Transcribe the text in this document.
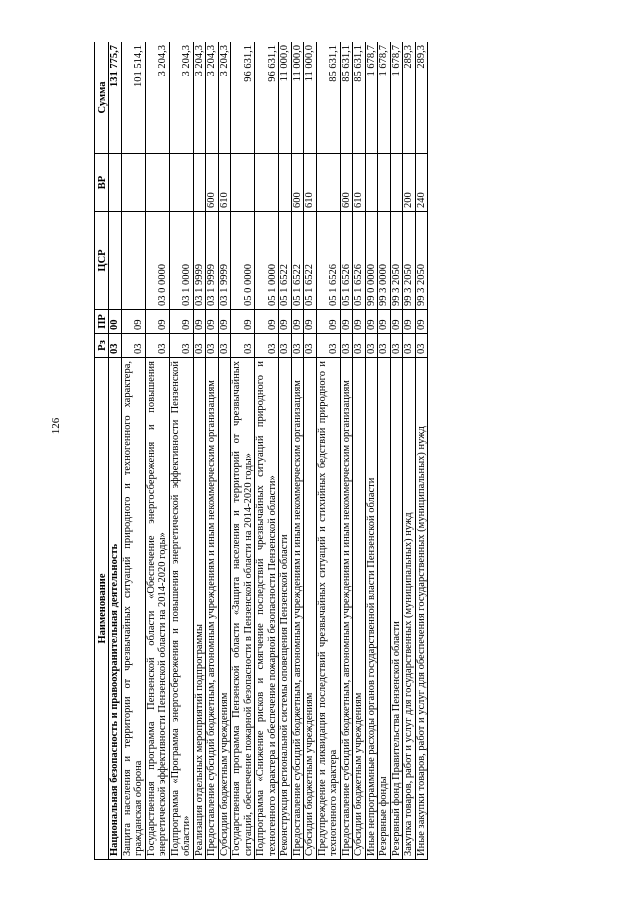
126
Наименование	Рз	ПР	ЦСР	ВР	Сумма
Национальная безопасность и правоохранительная деятельность	03	00			131 775,7
Защита населения и территории от чрезвычайных ситуаций природного и техногенного характера, гражданская оборона	03	09			101 514,1
Государственная программа Пензенской области «Обеспечение энергосбережения и повышения энергетической эффективности Пензенской области на 2014-2020 годы»	03	09	03 0 0000		3 204,3
Подпрограмма «Программа энергосбережения и повышения энергетической эффективности Пензенской области»	03	09	03 1 0000		3 204,3
Реализация отдельных мероприятий подпрограммы	03	09	03 1 9999		3 204,3
Предоставление субсидий бюджетным, автономным учреждениям и иным некоммерческим организациям	03	09	03 1 9999	600	3 204,3
Субсидии бюджетным учреждениям	03	09	03 1 9999	610	3 204,3
Государственная программа Пензенской области «Защита населения и территорий от чрезвычайных ситуаций, обеспечение пожарной безопасности в Пензенской области на 2014-2020 годы»	03	09	05 0 0000		96 631,1
Подпрограмма «Снижение рисков и смягчение последствий чрезвычайных ситуаций природного и техногенного характера и обеспечение пожарной безопасности Пензенской области»	03	09	05 1 0000		96 631,1
Реконструкция региональной системы оповещения Пензенской области	03	09	05 1 6522		11 000,0
Предоставление субсидий бюджетным, автономным учреждениям и иным некоммерческим организациям	03	09	05 1 6522	600	11 000,0
Субсидии бюджетным учреждениям	03	09	05 1 6522	610	11 000,0
Предупреждение и ликвидация последствий чрезвычайных ситуаций и стихийных бедствий природного и техногенного характера	03	09	05 1 6526		85 631,1
Предоставление субсидий бюджетным, автономным учреждениям и иным некоммерческим организациям	03	09	05 1 6526	600	85 631,1
Субсидии бюджетным учреждениям	03	09	05 1 6526	610	85 631,1
Иные непрограммные расходы органов государственной власти Пензенской области	03	09	99 0 0000		1 678,7
Резервные фонды	03	09	99 3 0000		1 678,7
Резервный фонд Правительства Пензенской области	03	09	99 3 2050		1 678,7
Закупка товаров, работ и услуг для государственных (муниципальных) нужд	03	09	99 3 2050	200	289,3
Иные закупки товаров, работ и услуг для обеспечения государственных (муниципальных) нужд	03	09	99 3 2050	240	289,3
